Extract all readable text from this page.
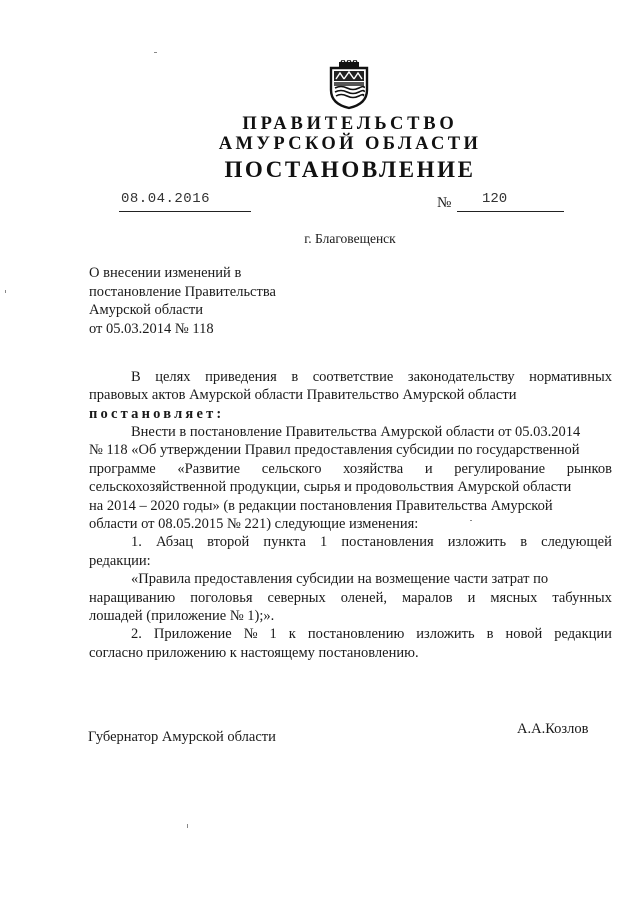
ПРАВИТЕЛЬСТВО
АМУРСКОЙ ОБЛАСТИ
ПОСТАНОВЛЕНИЕ
08.04.2016	№ 120
г. Благовещенск
О внесении изменений в
постановление Правительства
Амурской области
от 05.03.2014 № 118
В целях приведения в соответствие законодательству нормативных
правовых актов Амурской области Правительство Амурской области
постановляет:
Внести в постановление Правительства Амурской области от 05.03.2014
№ 118 «Об утверждении Правил предоставления субсидии по государственной
программе «Развитие сельского хозяйства и регулирование рынков
сельскохозяйственной продукции, сырья и продовольствия Амурской области
на 2014 – 2020 годы» (в редакции постановления Правительства Амурской
области от 08.05.2015 № 221) следующие изменения:
1. Абзац второй пункта 1 постановления изложить в следующей
редакции:
«Правила предоставления субсидии на возмещение части затрат по
наращиванию поголовья северных оленей, маралов и мясных табунных
лошадей (приложение № 1);».
2. Приложение № 1 к постановлению изложить в новой редакции
согласно приложению к настоящему постановлению.
Губернатор Амурской области	А.А.Козлов
